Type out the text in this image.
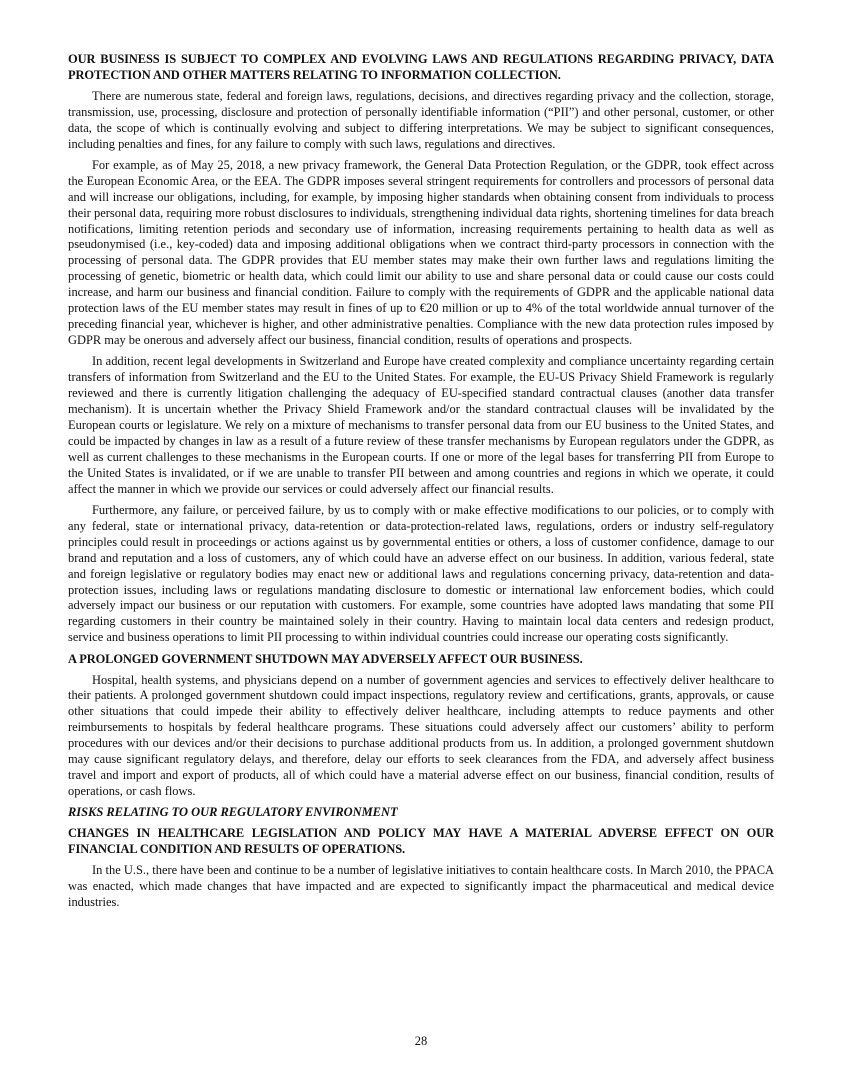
OUR BUSINESS IS SUBJECT TO COMPLEX AND EVOLVING LAWS AND REGULATIONS REGARDING PRIVACY, DATA PROTECTION AND OTHER MATTERS RELATING TO INFORMATION COLLECTION.

There are numerous state, federal and foreign laws, regulations, decisions, and directives regarding privacy and the collection, storage, transmission, use, processing, disclosure and protection of personally identifiable information (“PII”) and other personal, customer, or other data, the scope of which is continually evolving and subject to differing interpretations. We may be subject to significant consequences, including penalties and fines, for any failure to comply with such laws, regulations and directives.

For example, as of May 25, 2018, a new privacy framework, the General Data Protection Regulation, or the GDPR, took effect across the European Economic Area, or the EEA. The GDPR imposes several stringent requirements for controllers and processors of personal data and will increase our obligations, including, for example, by imposing higher standards when obtaining consent from individuals to process their personal data, requiring more robust disclosures to individuals, strengthening individual data rights, shortening timelines for data breach notifications, limiting retention periods and secondary use of information, increasing requirements pertaining to health data as well as pseudonymised (i.e., key-coded) data and imposing additional obligations when we contract third-party processors in connection with the processing of personal data. The GDPR provides that EU member states may make their own further laws and regulations limiting the processing of genetic, biometric or health data, which could limit our ability to use and share personal data or could cause our costs could increase, and harm our business and financial condition. Failure to comply with the requirements of GDPR and the applicable national data protection laws of the EU member states may result in fines of up to €20 million or up to 4% of the total worldwide annual turnover of the preceding financial year, whichever is higher, and other administrative penalties. Compliance with the new data protection rules imposed by GDPR may be onerous and adversely affect our business, financial condition, results of operations and prospects.

In addition, recent legal developments in Switzerland and Europe have created complexity and compliance uncertainty regarding certain transfers of information from Switzerland and the EU to the United States. For example, the EU-US Privacy Shield Framework is regularly reviewed and there is currently litigation challenging the adequacy of EU-specified standard contractual clauses (another data transfer mechanism). It is uncertain whether the Privacy Shield Framework and/or the standard contractual clauses will be invalidated by the European courts or legislature. We rely on a mixture of mechanisms to transfer personal data from our EU business to the United States, and could be impacted by changes in law as a result of a future review of these transfer mechanisms by European regulators under the GDPR, as well as current challenges to these mechanisms in the European courts. If one or more of the legal bases for transferring PII from Europe to the United States is invalidated, or if we are unable to transfer PII between and among countries and regions in which we operate, it could affect the manner in which we provide our services or could adversely affect our financial results.

Furthermore, any failure, or perceived failure, by us to comply with or make effective modifications to our policies, or to comply with any federal, state or international privacy, data-retention or data-protection-related laws, regulations, orders or industry self-regulatory principles could result in proceedings or actions against us by governmental entities or others, a loss of customer confidence, damage to our brand and reputation and a loss of customers, any of which could have an adverse effect on our business. In addition, various federal, state and foreign legislative or regulatory bodies may enact new or additional laws and regulations concerning privacy, data-retention and data-protection issues, including laws or regulations mandating disclosure to domestic or international law enforcement bodies, which could adversely impact our business or our reputation with customers. For example, some countries have adopted laws mandating that some PII regarding customers in their country be maintained solely in their country. Having to maintain local data centers and redesign product, service and business operations to limit PII processing to within individual countries could increase our operating costs significantly.

A PROLONGED GOVERNMENT SHUTDOWN MAY ADVERSELY AFFECT OUR BUSINESS.

Hospital, health systems, and physicians depend on a number of government agencies and services to effectively deliver healthcare to their patients. A prolonged government shutdown could impact inspections, regulatory review and certifications, grants, approvals, or cause other situations that could impede their ability to effectively deliver healthcare, including attempts to reduce payments and other reimbursements to hospitals by federal healthcare programs. These situations could adversely affect our customers’ ability to perform procedures with our devices and/or their decisions to purchase additional products from us. In addition, a prolonged government shutdown may cause significant regulatory delays, and therefore, delay our efforts to seek clearances from the FDA, and adversely affect business travel and import and export of products, all of which could have a material adverse effect on our business, financial condition, results of operations, or cash flows.

RISKS RELATING TO OUR REGULATORY ENVIRONMENT

CHANGES IN HEALTHCARE LEGISLATION AND POLICY MAY HAVE A MATERIAL ADVERSE EFFECT ON OUR FINANCIAL CONDITION AND RESULTS OF OPERATIONS.

In the U.S., there have been and continue to be a number of legislative initiatives to contain healthcare costs. In March 2010, the PPACA was enacted, which made changes that have impacted and are expected to significantly impact the pharmaceutical and medical device industries.

28
